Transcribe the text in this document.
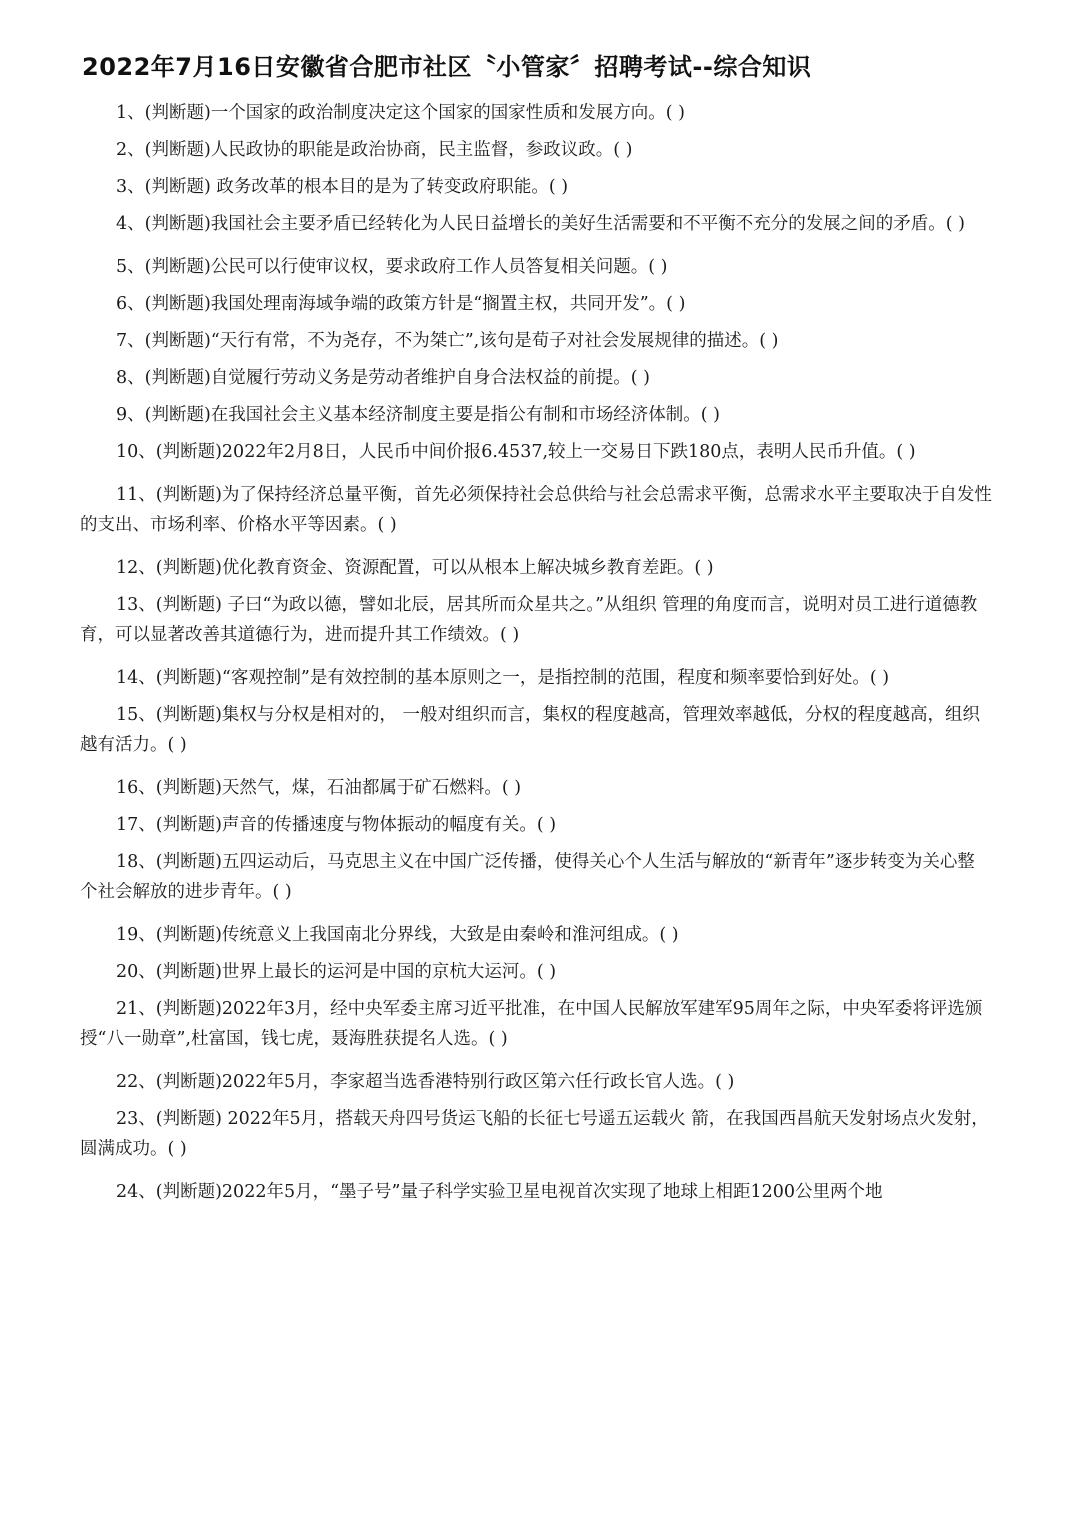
2022年7月16日安徽省合肥市社区〝小管家〞招聘考试--综合知识
1、(判断题)一个国家的政治制度决定这个国家的国家性质和发展方向。( )
2、(判断题)人民政协的职能是政治协商，民主监督，参政议政。( )
3、(判断题) 政务改革的根本目的是为了转变政府职能。( )
4、(判断题)我国社会主要矛盾已经转化为人民日益增长的美好生活需要和不平衡不充分的发展之间的矛盾。( )
5、(判断题)公民可以行使审议权，要求政府工作人员答复相关问题。( )
6、(判断题)我国处理南海域争端的政策方针是“搁置主权，共同开发”。( )
7、(判断题)“天行有常，不为尧存，不为桀亡”,该句是荀子对社会发展规律的描述。( )
8、(判断题)自觉履行劳动义务是劳动者维护自身合法权益的前提。( )
9、(判断题)在我国社会主义基本经济制度主要是指公有制和市场经济体制。( )
10、(判断题)2022年2月8日，人民币中间价报6.4537,较上一交易日下跌180点，表明人民币升值。( )
11、(判断题)为了保持经济总量平衡，首先必须保持社会总供给与社会总需求平衡，总需求水平主要取决于自发性的支出、市场利率、价格水平等因素。( )
12、(判断题)优化教育资金、资源配置，可以从根本上解决城乡教育差距。( )
13、(判断题) 子曰“为政以德，譬如北辰，居其所而众星共之。”从组织 管理的角度而言，说明对员工进行道德教育，可以显著改善其道德行为，进而提升其工作绩效。( )
14、(判断题)“客观控制”是有效控制的基本原则之一，是指控制的范围，程度和频率要恰到好处。( )
15、(判断题)集权与分权是相对的， 一般对组织而言，集权的程度越高，管理效率越低，分权的程度越高，组织越有活力。( )
16、(判断题)天然气，煤，石油都属于矿石燃料。( )
17、(判断题)声音的传播速度与物体振动的幅度有关。( )
18、(判断题)五四运动后，马克思主义在中国广泛传播，使得关心个人生活与解放的“新青年”逐步转变为关心整个社会解放的进步青年。( )
19、(判断题)传统意义上我国南北分界线，大致是由秦岭和淮河组成。( )
20、(判断题)世界上最长的运河是中国的京杭大运河。( )
21、(判断题)2022年3月，经中央军委主席习近平批准，在中国人民解放军建军95周年之际，中央军委将评选颁授“八一勋章”,杜富国，钱七虎，聂海胜获提名人选。( )
22、(判断题)2022年5月，李家超当选香港特别行政区第六任行政长官人选。( )
23、(判断题) 2022年5月，搭载天舟四号货运飞船的长征七号遥五运载火 箭，在我国西昌航天发射场点火发射，圆满成功。( )
24、(判断题)2022年5月，“墨子号”量子科学实验卫星电视首次实现了地球上相距1200公里两个地
